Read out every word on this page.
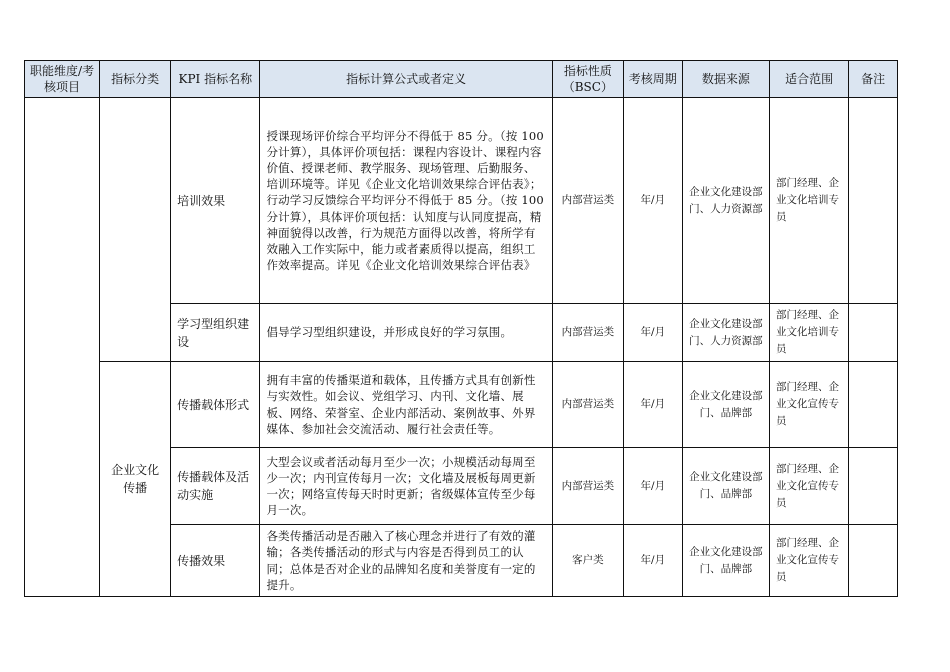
职能维度/考核项目	指标分类	KPI 指标名称	指标计算公式或者定义	指标性质（BSC）	考核周期	数据来源	适合范围	备注
		培训效果	授课现场评价综合平均评分不得低于 85 分。（按 100 分计算），具体评价项包括：课程内容设计、课程内容价值、授课老师、教学服务、现场管理、后勤服务、培训环境等。详见《企业文化培训效果综合评估表》；行动学习反馈综合平均评分不得低于 85 分。（按 100 分计算），具体评价项包括：认知度与认同度提高，精神面貌得以改善，行为规范方面得以改善，将所学有效融入工作实际中，能力或者素质得以提高，组织工作效率提高。详见《企业文化培训效果综合评估表》	内部营运类	年/月	企业文化建设部门、人力资源部	部门经理、企业文化培训专员	
		学习型组织建设	倡导学习型组织建设，并形成良好的学习氛围。	内部营运类	年/月	企业文化建设部门、人力资源部	部门经理、企业文化培训专员	
	企业文化传播	传播载体形式	拥有丰富的传播渠道和载体，且传播方式具有创新性与实效性。如会议、党组学习、内刊、文化墙、展板、网络、荣誉室、企业内部活动、案例故事、外界媒体、参加社会交流活动、履行社会责任等。	内部营运类	年/月	企业文化建设部门、品牌部	部门经理、企业文化宣传专员	
		传播载体及活动实施	大型会议或者活动每月至少一次；小规模活动每周至少一次；内刊宣传每月一次；文化墙及展板每周更新一次；网络宣传每天时时更新；省级媒体宣传至少每月一次。	内部营运类	年/月	企业文化建设部门、品牌部	部门经理、企业文化宣传专员	
		传播效果	各类传播活动是否融入了核心理念并进行了有效的灌输；各类传播活动的形式与内容是否得到员工的认同；总体是否对企业的品牌知名度和美誉度有一定的提升。	客户类	年/月	企业文化建设部门、品牌部	部门经理、企业文化宣传专员	
